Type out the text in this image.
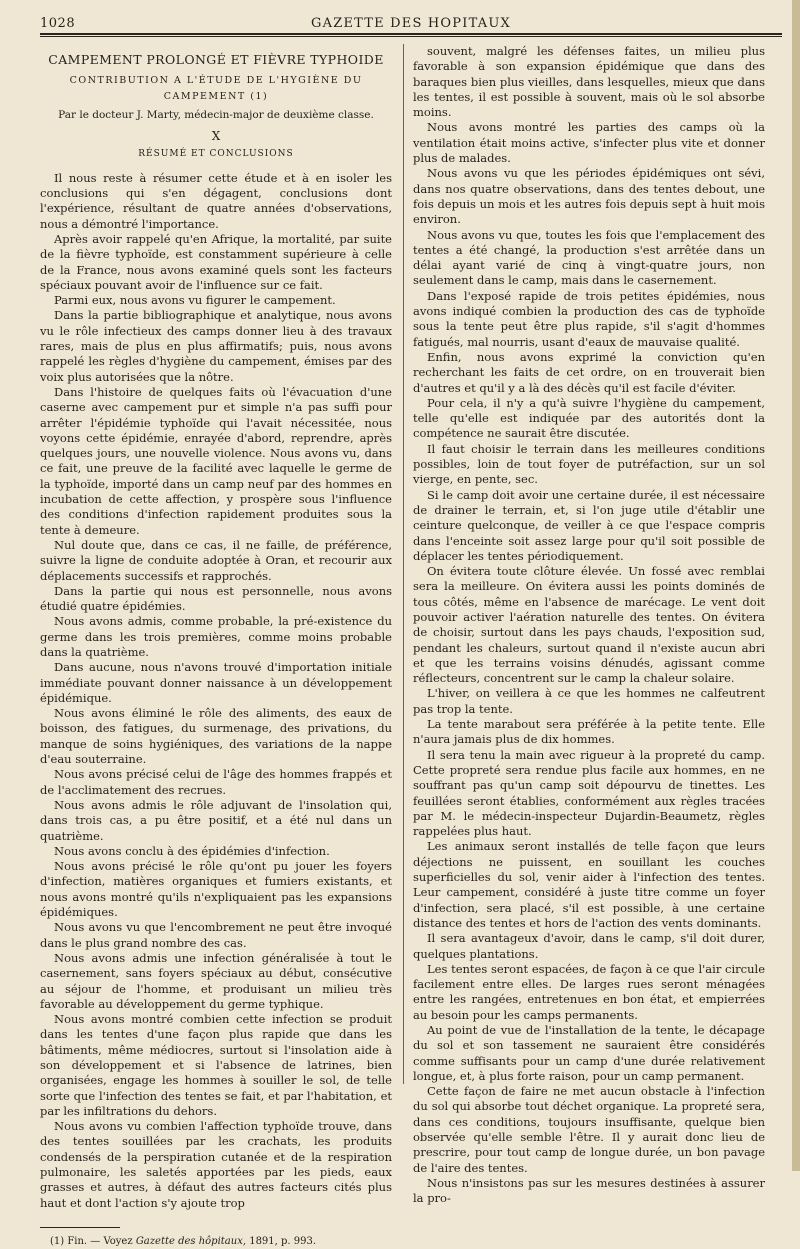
1028	GAZETTE DES HOPITAUX
CAMPEMENT PROLONGÉ ET FIÈVRE TYPHOIDE
CONTRIBUTION A L'ÉTUDE DE L'HYGIÈNE DU CAMPEMENT (1)
Par le docteur J. Marty, médecin-major de deuxième classe.
X
RÉSUMÉ ET CONCLUSIONS

Il nous reste à résumer cette étude et à en isoler les conclusions qui s'en dégagent, conclusions dont l'expérience, résultant de quatre années d'observations, nous a démontré l'importance.

Après avoir rappelé qu'en Afrique, la mortalité, par suite de la fièvre typhoïde, est constamment supérieure à celle de la France, nous avons examiné quels sont les facteurs spéciaux pouvant avoir de l'influence sur ce fait.

Parmi eux, nous avons vu figurer le campement.

Dans la partie bibliographique et analytique, nous avons vu le rôle infectieux des camps donner lieu à des travaux rares, mais de plus en plus affirmatifs; puis, nous avons rappelé les règles d'hygiène du campement, émises par des voix plus autorisées que la nôtre.

Dans l'histoire de quelques faits où l'évacuation d'une caserne avec campement pur et simple n'a pas suffi pour arrêter l'épidémie typhoïde qui l'avait nécessitée, nous voyons cette épidémie, enrayée d'abord, reprendre, après quelques jours, une nouvelle violence. Nous avons vu, dans ce fait, une preuve de la facilité avec laquelle le germe de la typhoïde, importé dans un camp neuf par des hommes en incubation de cette affection, y prospère sous l'influence des conditions d'infection rapidement produites sous la tente à demeure.

Nul doute que, dans ce cas, il ne faille, de préférence, suivre la ligne de conduite adoptée à Oran, et recourir aux déplacements successifs et rapprochés.

Dans la partie qui nous est personnelle, nous avons étudié quatre épidémies.

Nous avons admis, comme probable, la pré-existence du germe dans les trois premières, comme moins probable dans la quatrième.

Dans aucune, nous n'avons trouvé d'importation initiale immédiate pouvant donner naissance à un développement épidémique.

Nous avons éliminé le rôle des aliments, des eaux de boisson, des fatigues, du surmenage, des privations, du manque de soins hygiéniques, des variations de la nappe d'eau souterraine.

Nous avons précisé celui de l'âge des hommes frappés et de l'acclimatement des recrues.

Nous avons admis le rôle adjuvant de l'insolation qui, dans trois cas, a pu être positif, et a été nul dans un quatrième.

Nous avons conclu à des épidémies d'infection.

Nous avons précisé le rôle qu'ont pu jouer les foyers d'infection, matières organiques et fumiers existants, et nous avons montré qu'ils n'expliquaient pas les expansions épidémiques.

Nous avons vu que l'encombrement ne peut être invoqué dans le plus grand nombre des cas.

Nous avons admis une infection généralisée à tout le casernement, sans foyers spéciaux au début, consécutive au séjour de l'homme, et produisant un milieu très favorable au développement du germe typhique.

Nous avons montré combien cette infection se produit dans les tentes d'une façon plus rapide que dans les bâtiments, même médiocres, surtout si l'insolation aide à son développement et si l'absence de latrines, bien organisées, engage les hommes à souiller le sol, de telle sorte que l'infection des tentes se fait, et par l'habitation, et par les infiltrations du dehors.

Nous avons vu combien l'affection typhoïde trouve, dans des tentes souillées par les crachats, les produits condensés de la perspiration cutanée et de la respiration pulmonaire, les saletés apportées par les pieds, eaux grasses et autres, à défaut des autres facteurs cités plus haut et dont l'action s'y ajoute trop

(1) Fin. — Voyez Gazette des hôpitaux, 1891, p. 993.

souvent, malgré les défenses faites, un milieu plus favorable à son expansion épidémique que dans des baraques bien plus vieilles, dans lesquelles, mieux que dans les tentes, il est possible à souvent, mais où le sol absorbe moins.

Nous avons montré les parties des camps où la ventilation était moins active, s'infecter plus vite et donner plus de malades.

Nous avons vu que les périodes épidémiques ont sévi, dans nos quatre observations, dans des tentes debout, une fois depuis un mois et les autres fois depuis sept à huit mois environ.

Nous avons vu que, toutes les fois que l'emplacement des tentes a été changé, la production s'est arrêtée dans un délai ayant varié de cinq à vingt-quatre jours, non seulement dans le camp, mais dans le casernement.

Dans l'exposé rapide de trois petites épidémies, nous avons indiqué combien la production des cas de typhoïde sous la tente peut être plus rapide, s'il s'agit d'hommes fatigués, mal nourris, usant d'eaux de mauvaise qualité.

Enfin, nous avons exprimé la conviction qu'en recherchant les faits de cet ordre, on en trouverait bien d'autres et qu'il y a là des décès qu'il est facile d'éviter.

Pour cela, il n'y a qu'à suivre l'hygiène du campement, telle qu'elle est indiquée par des autorités dont la compétence ne saurait être discutée.

Il faut choisir le terrain dans les meilleures conditions possibles, loin de tout foyer de putréfaction, sur un sol vierge, en pente, sec.

Si le camp doit avoir une certaine durée, il est nécessaire de drainer le terrain, et, si l'on juge utile d'établir une ceinture quelconque, de veiller à ce que l'espace compris dans l'enceinte soit assez large pour qu'il soit possible de déplacer les tentes périodiquement.

On évitera toute clôture élevée. Un fossé avec remblai sera la meilleure. On évitera aussi les points dominés de tous côtés, même en l'absence de marécage. Le vent doit pouvoir activer l'aération naturelle des tentes. On évitera de choisir, surtout dans les pays chauds, l'exposition sud, pendant les chaleurs, surtout quand il n'existe aucun abri et que les terrains voisins dénudés, agissant comme réflecteurs, concentrent sur le camp la chaleur solaire.

L'hiver, on veillera à ce que les hommes ne calfeutrent pas trop la tente.

La tente marabout sera préférée à la petite tente. Elle n'aura jamais plus de dix hommes.

Il sera tenu la main avec rigueur à la propreté du camp. Cette propreté sera rendue plus facile aux hommes, en ne souffrant pas qu'un camp soit dépourvu de tinettes. Les feuillées seront établies, conformément aux règles tracées par M. le médecin-inspecteur Dujardin-Beaumetz, règles rappelées plus haut.

Les animaux seront installés de telle façon que leurs déjections ne puissent, en souillant les couches superficielles du sol, venir aider à l'infection des tentes. Leur campement, considéré à juste titre comme un foyer d'infection, sera placé, s'il est possible, à une certaine distance des tentes et hors de l'action des vents dominants.

Il sera avantageux d'avoir, dans le camp, s'il doit durer, quelques plantations.

Les tentes seront espacées, de façon à ce que l'air circule facilement entre elles. De larges rues seront ménagées entre les rangées, entretenues en bon état, et empierrées au besoin pour les camps permanents.

Au point de vue de l'installation de la tente, le décapage du sol et son tassement ne sauraient être considérés comme suffisants pour un camp d'une durée relativement longue, et, à plus forte raison, pour un camp permanent.

Cette façon de faire ne met aucun obstacle à l'infection du sol qui absorbe tout déchet organique. La propreté sera, dans ces conditions, toujours insuffisante, quelque bien observée qu'elle semble l'être. Il y aurait donc lieu de prescrire, pour tout camp de longue durée, un bon pavage de l'aire des tentes.

Nous n'insistons pas sur les mesures destinées à assurer la pro-
